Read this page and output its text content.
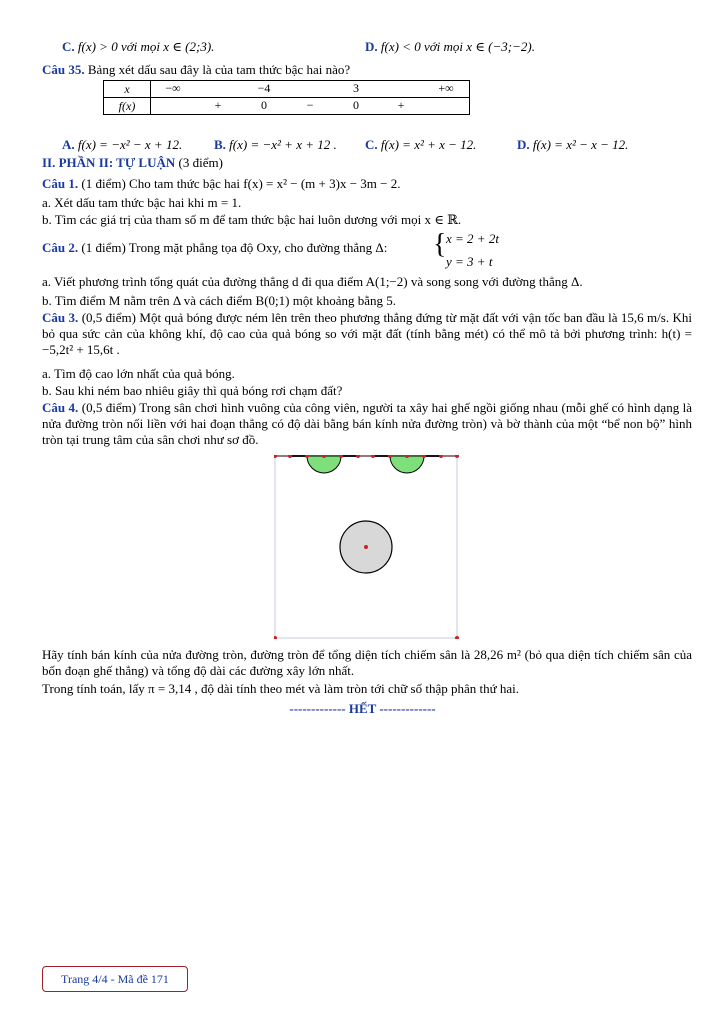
C. f(x) > 0 với mọi x ∈ (2;3).	D. f(x) < 0 với mọi x ∈ (−3;−2).
Câu 35. Bảng xét dấu sau đây là của tam thức bậc hai nào?
x	−∞ −4 3 +∞

f(x)	+ 0 − 0 +
A. f(x) = −x² − x + 12. B. f(x) = −x² + x + 12 . C. f(x) = x² + x − 12.	D. f(x) = x² − x − 12.
II. PHẦN II: TỰ LUẬN (3 điểm)
Câu 1. (1 điểm) Cho tam thức bậc hai f(x) = x² − (m + 3)x − 3m − 2.
a. Xét dấu tam thức bậc hai khi m = 1.
b. Tìm các giá trị của tham số m để tam thức bậc hai luôn dương với mọi x ∈ ℝ.
Câu 2. (1 điểm) Trong mặt phẳng tọa độ Oxy, cho đường thẳng Δ:	{ x = 2 + 2t
y = 3 + t
a. Viết phương trình tổng quát của đường thẳng d đi qua điểm A(1;−2) và song song với đường thẳng Δ.
b. Tìm điểm M nằm trên Δ và cách điểm B(0;1) một khoảng bằng 5.
Câu 3. (0,5 điểm) Một quả bóng được ném lên trên theo phương thẳng đứng từ mặt đất với vận tốc ban đầu là 15,6 m/s. Khi bỏ qua sức cản của không khí, độ cao của quả bóng so với mặt đất (tính bằng mét) có thể mô tả bởi phương trình: h(t) = −5,2t² + 15,6t .
a. Tìm độ cao lớn nhất của quả bóng.
b. Sau khi ném bao nhiêu giây thì quả bóng rơi chạm đất?
Câu 4. (0,5 điểm) Trong sân chơi hình vuông của công viên, người ta xây hai ghế ngồi giống nhau (mỗi ghế có hình dạng là nửa đường tròn nối liền với hai đoạn thẳng có độ dài bằng bán kính nửa đường tròn) và bờ thành của một “bể non bộ” hình tròn tại trung tâm của sân chơi như sơ đồ.
Hãy tính bán kính của nửa đường tròn, đường tròn để tổng diện tích chiếm sân là 28,26 m² (bỏ qua diện tích chiếm sân của bốn đoạn ghế thẳng) và tổng độ dài các đường xây lớn nhất.
Trong tính toán, lấy π = 3,14 , độ dài tính theo mét và làm tròn tới chữ số thập phân thứ hai.
------------- HẾT -------------
Trang 4/4 - Mã đề 171
